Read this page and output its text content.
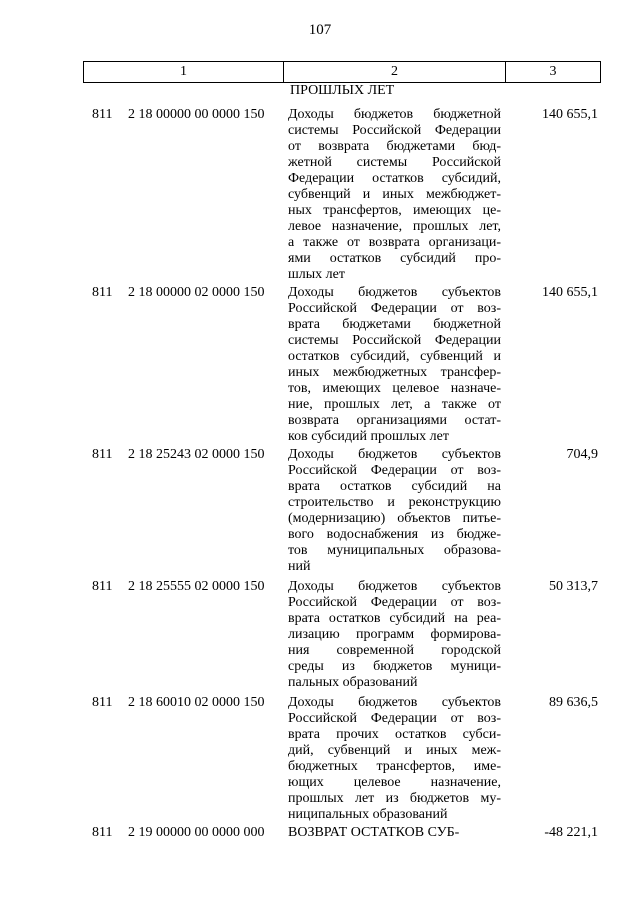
107
1	2	3
ПРОШЛЫХ ЛЕТ
811 2 18 00000 00 0000 150 Доходы бюджетов бюджетной
системы Российской Федерации
от возврата бюджетами бюд-
жетной системы Российской
Федерации остатков субсидий,
субвенций и иных межбюджет-
ных трансфертов, имеющих це-
левое назначение, прошлых лет,
а также от возврата организаци-
ями остатков субсидий про-
шлых лет
140 655,1
811 2 18 00000 02 0000 150 Доходы бюджетов субъектов
Российской Федерации от воз-
врата бюджетами бюджетной
системы Российской Федерации
остатков субсидий, субвенций и
иных межбюджетных трансфер-
тов, имеющих целевое назначе-
ние, прошлых лет, а также от
возврата организациями остат-
ков субсидий прошлых лет
140 655,1
811 2 18 25243 02 0000 150 Доходы бюджетов субъектов
Российской Федерации от воз-
врата остатков субсидий на
строительство и реконструкцию
(модернизацию) объектов питье-
вого водоснабжения из бюдже-
тов муниципальных образова-
ний
704,9
811 2 18 25555 02 0000 150 Доходы бюджетов субъектов
Российской Федерации от воз-
врата остатков субсидий на реа-
лизацию программ формирова-
ния современной городской
среды из бюджетов муници-
пальных образований
50 313,7
811 2 18 60010 02 0000 150 Доходы бюджетов субъектов
Российской Федерации от воз-
врата прочих остатков субси-
дий, субвенций и иных меж-
бюджетных трансфертов, име-
ющих целевое назначение,
прошлых лет из бюджетов му-
ниципальных образований
89 636,5
811 2 19 00000 00 0000 000 ВОЗВРАТ ОСТАТКОВ СУБ-	-48 221,1
